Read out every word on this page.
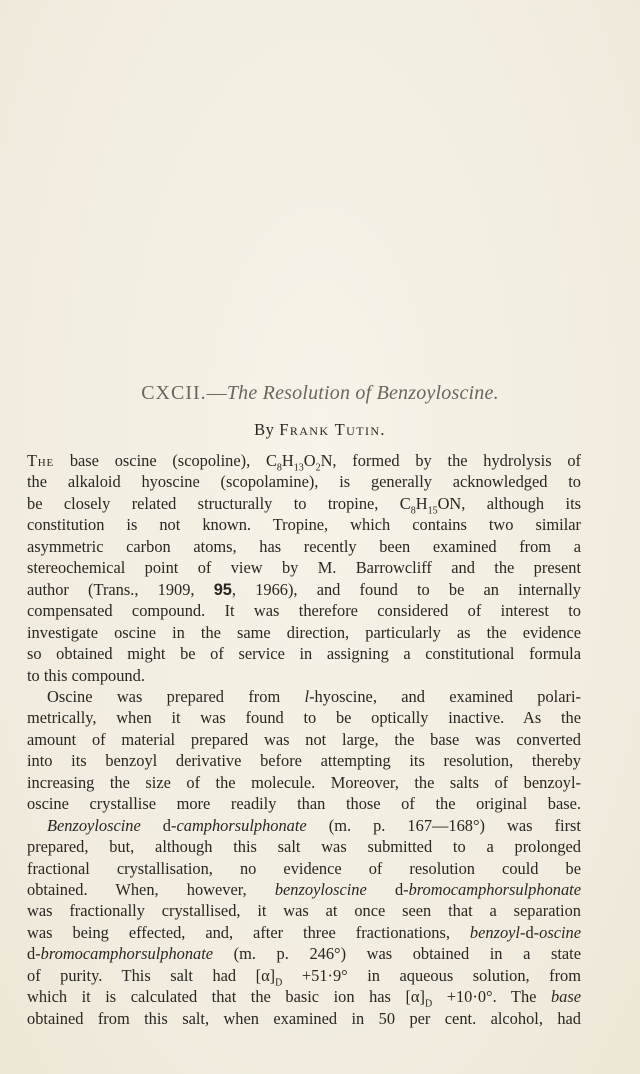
CXCII.—The Resolution of Benzoyloscine.
By Frank Tutin.
The base oscine (scopoline), $C_8H_{13}O_2N$, formed by the hydrolysis of
the alkaloid hyoscine (scopolamine), is generally acknowledged to
be closely related structurally to tropine, $C_8H_{15}ON$, although its
constitution is not known. Tropine, which contains two similar
asymmetric carbon atoms, has recently been examined from a
stereochemical point of view by M. Barrowcliff and the present
author (Trans., 1909, 95, 1966), and found to be an internally
compensated compound. It was therefore considered of interest to
investigate oscine in the same direction, particularly as the evidence
so obtained might be of service in assigning a constitutional formula
to this compound.
Oscine was prepared from l-hyoscine, and examined polari-
metrically, when it was found to be optically inactive. As the
amount of material prepared was not large, the base was converted
into its benzoyl derivative before attempting its resolution, thereby
increasing the size of the molecule. Moreover, the salts of benzoyl-
oscine crystallise more readily than those of the original base.
Benzoyloscine d-camphorsulphonate (m. p. 167—168°) was first
prepared, but, although this salt was submitted to a prolonged
fractional crystallisation, no evidence of resolution could be
obtained. When, however, benzoyloscine d-bromocamphorsulphonate
was fractionally crystallised, it was at once seen that a separation
was being effected, and, after three fractionations, benzoyl-d-oscine
d-bromocamphorsulphonate (m. p. 246°) was obtained in a state
of purity. This salt had $[\alpha]_D +51\cdot 9^\circ$ in aqueous solution, from
which it is calculated that the basic ion has $[\alpha]_D +10\cdot 0^\circ$. The base
obtained from this salt, when examined in 50 per cent. alcohol, had
